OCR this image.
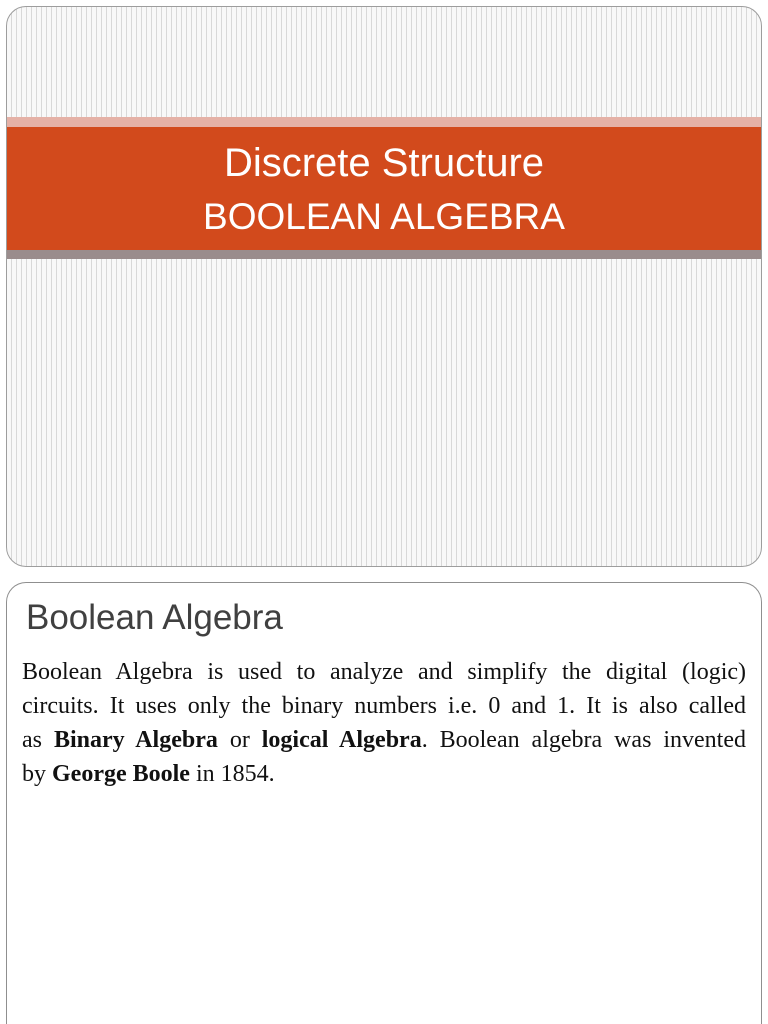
Discrete Structure
BOOLEAN ALGEBRA
Boolean Algebra
Boolean Algebra is used to analyze and simplify the digital (logic)
circuits. It uses only the binary numbers i.e. 0 and 1. It is also called
as Binary Algebra or logical Algebra. Boolean algebra was invented
by George Boole in 1854.
